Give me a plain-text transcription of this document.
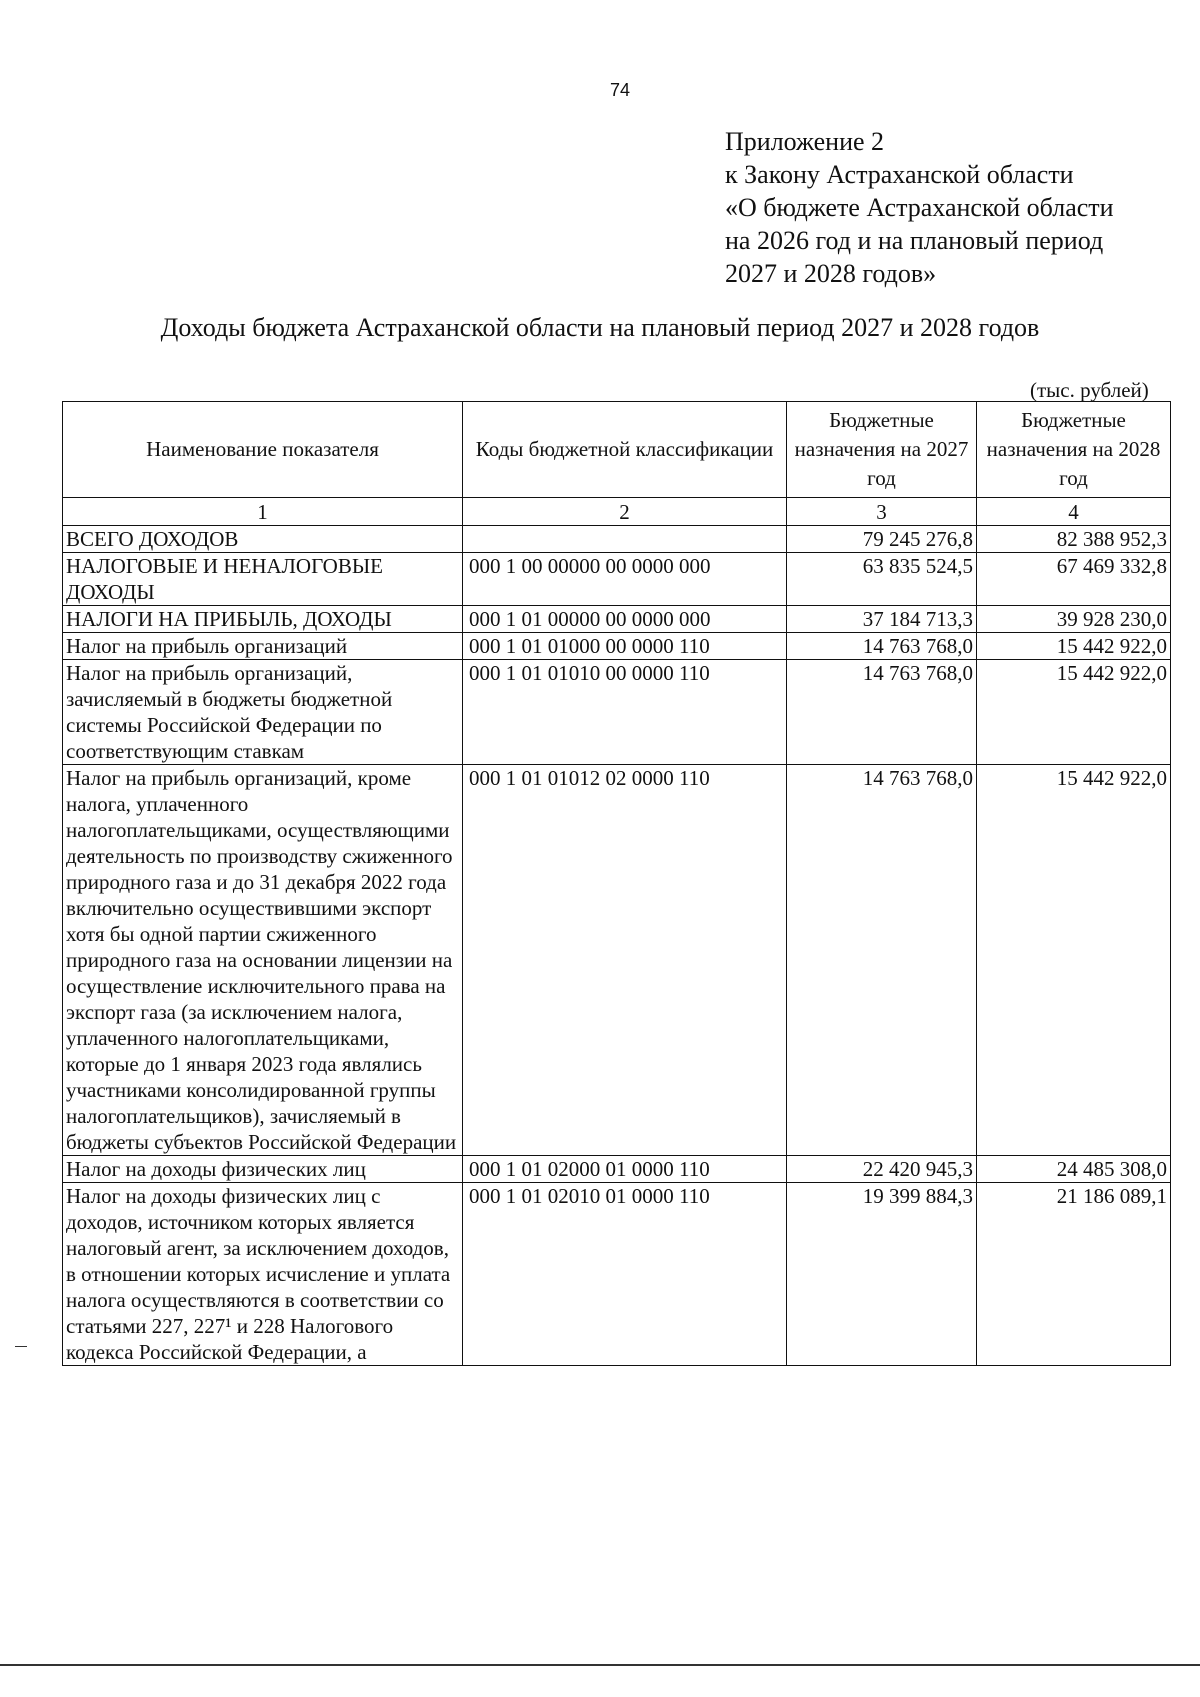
74
Приложение 2
к Закону Астраханской области
«О бюджете Астраханской области
на 2026 год и на плановый период
2027 и 2028 годов»
Доходы бюджета Астраханской области на плановый период 2027 и 2028 годов
(тыс. рублей)
Наименование показателя	Коды бюджетной классификации	Бюджетные назначения на 2027 год	Бюджетные назначения на 2028 год
1	2	3	4
ВСЕГО ДОХОДОВ		79 245 276,8	82 388 952,3
НАЛОГОВЫЕ И НЕНАЛОГОВЫЕ ДОХОДЫ	000 1 00 00000 00 0000 000	63 835 524,5	67 469 332,8
НАЛОГИ НА ПРИБЫЛЬ, ДОХОДЫ	000 1 01 00000 00 0000 000	37 184 713,3	39 928 230,0
Налог на прибыль организаций	000 1 01 01000 00 0000 110	14 763 768,0	15 442 922,0
Налог на прибыль организаций, зачисляемый в бюджеты бюджетной системы Российской Федерации по соответствующим ставкам	000 1 01 01010 00 0000 110	14 763 768,0	15 442 922,0
Налог на прибыль организаций, кроме налога, уплаченного налогоплательщиками, осуществляющими деятельность по производству сжиженного природного газа и до 31 декабря 2022 года включительно осуществившими экспорт хотя бы одной партии сжиженного природного газа на основании лицензии на осуществление исключительного права на экспорт газа (за исключением налога, уплаченного налогоплательщиками, которые до 1 января 2023 года являлись участниками консолидированной группы налогоплательщиков), зачисляемый в бюджеты субъектов Российской Федерации	000 1 01 01012 02 0000 110	14 763 768,0	15 442 922,0
Налог на доходы физических лиц	000 1 01 02000 01 0000 110	22 420 945,3	24 485 308,0
Налог на доходы физических лиц с доходов, источником которых является налоговый агент, за исключением доходов, в отношении которых исчисление и уплата налога осуществляются в соответствии со статьями 227, 227¹ и 228 Налогового кодекса Российской Федерации, а	000 1 01 02010 01 0000 110	19 399 884,3	21 186 089,1
